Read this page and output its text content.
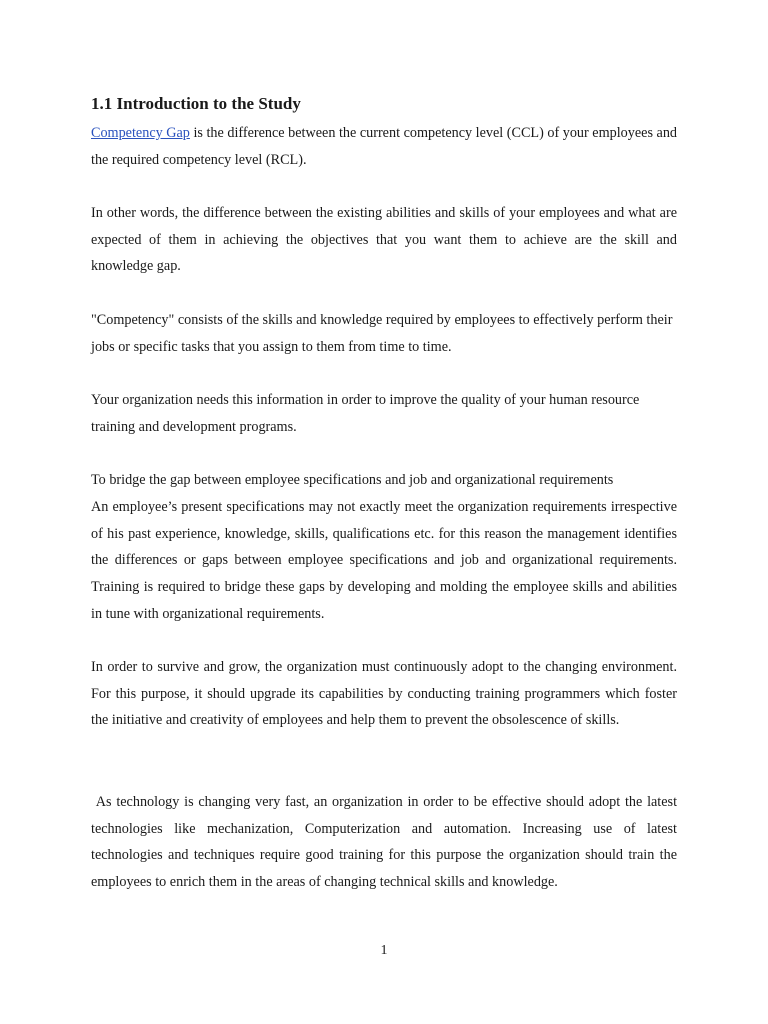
1.1 Introduction to the Study

Competency Gap is the difference between the current competency level (CCL) of your employees and the required competency level (RCL).

In other words, the difference between the existing abilities and skills of your employees and what are expected of them in achieving the objectives that you want them to achieve are the skill and knowledge gap.

"Competency" consists of the skills and knowledge required by employees to effectively perform their jobs or specific tasks that you assign to them from time to time.

Your organization needs this information in order to improve the quality of your human resource training and development programs.

To bridge the gap between employee specifications and job and organizational requirements

An employee’s present specifications may not exactly meet the organization requirements irrespective of his past experience, knowledge, skills, qualifications etc. for this reason the management identifies the differences or gaps between employee specifications and job and organizational requirements. Training is required to bridge these gaps by developing and molding the employee skills and abilities in tune with organizational requirements.

In order to survive and grow, the organization must continuously adopt to the changing environment. For this purpose, it should upgrade its capabilities by conducting training programmers which foster the initiative and creativity of employees and help them to prevent the obsolescence of skills.

As technology is changing very fast, an organization in order to be effective should adopt the latest technologies like mechanization, Computerization and automation. Increasing use of latest technologies and techniques require good training for this purpose the organization should train the employees to enrich them in the areas of changing technical skills and knowledge.

1
